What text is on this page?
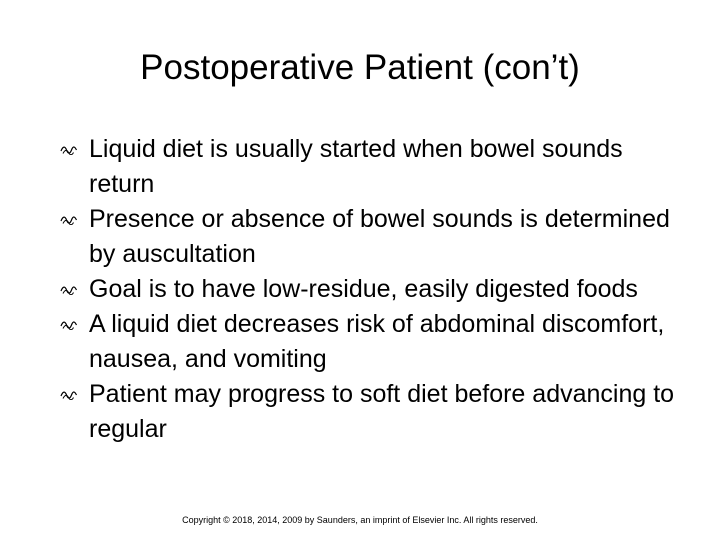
Postoperative Patient (con’t)
Liquid diet is usually started when bowel sounds return
Presence or absence of bowel sounds is determined by auscultation
Goal is to have low-residue, easily digested foods
A liquid diet decreases risk of abdominal discomfort, nausea, and vomiting
Patient may progress to soft diet before advancing to regular
Copyright © 2018, 2014, 2009 by Saunders, an imprint of Elsevier Inc. All rights reserved.
